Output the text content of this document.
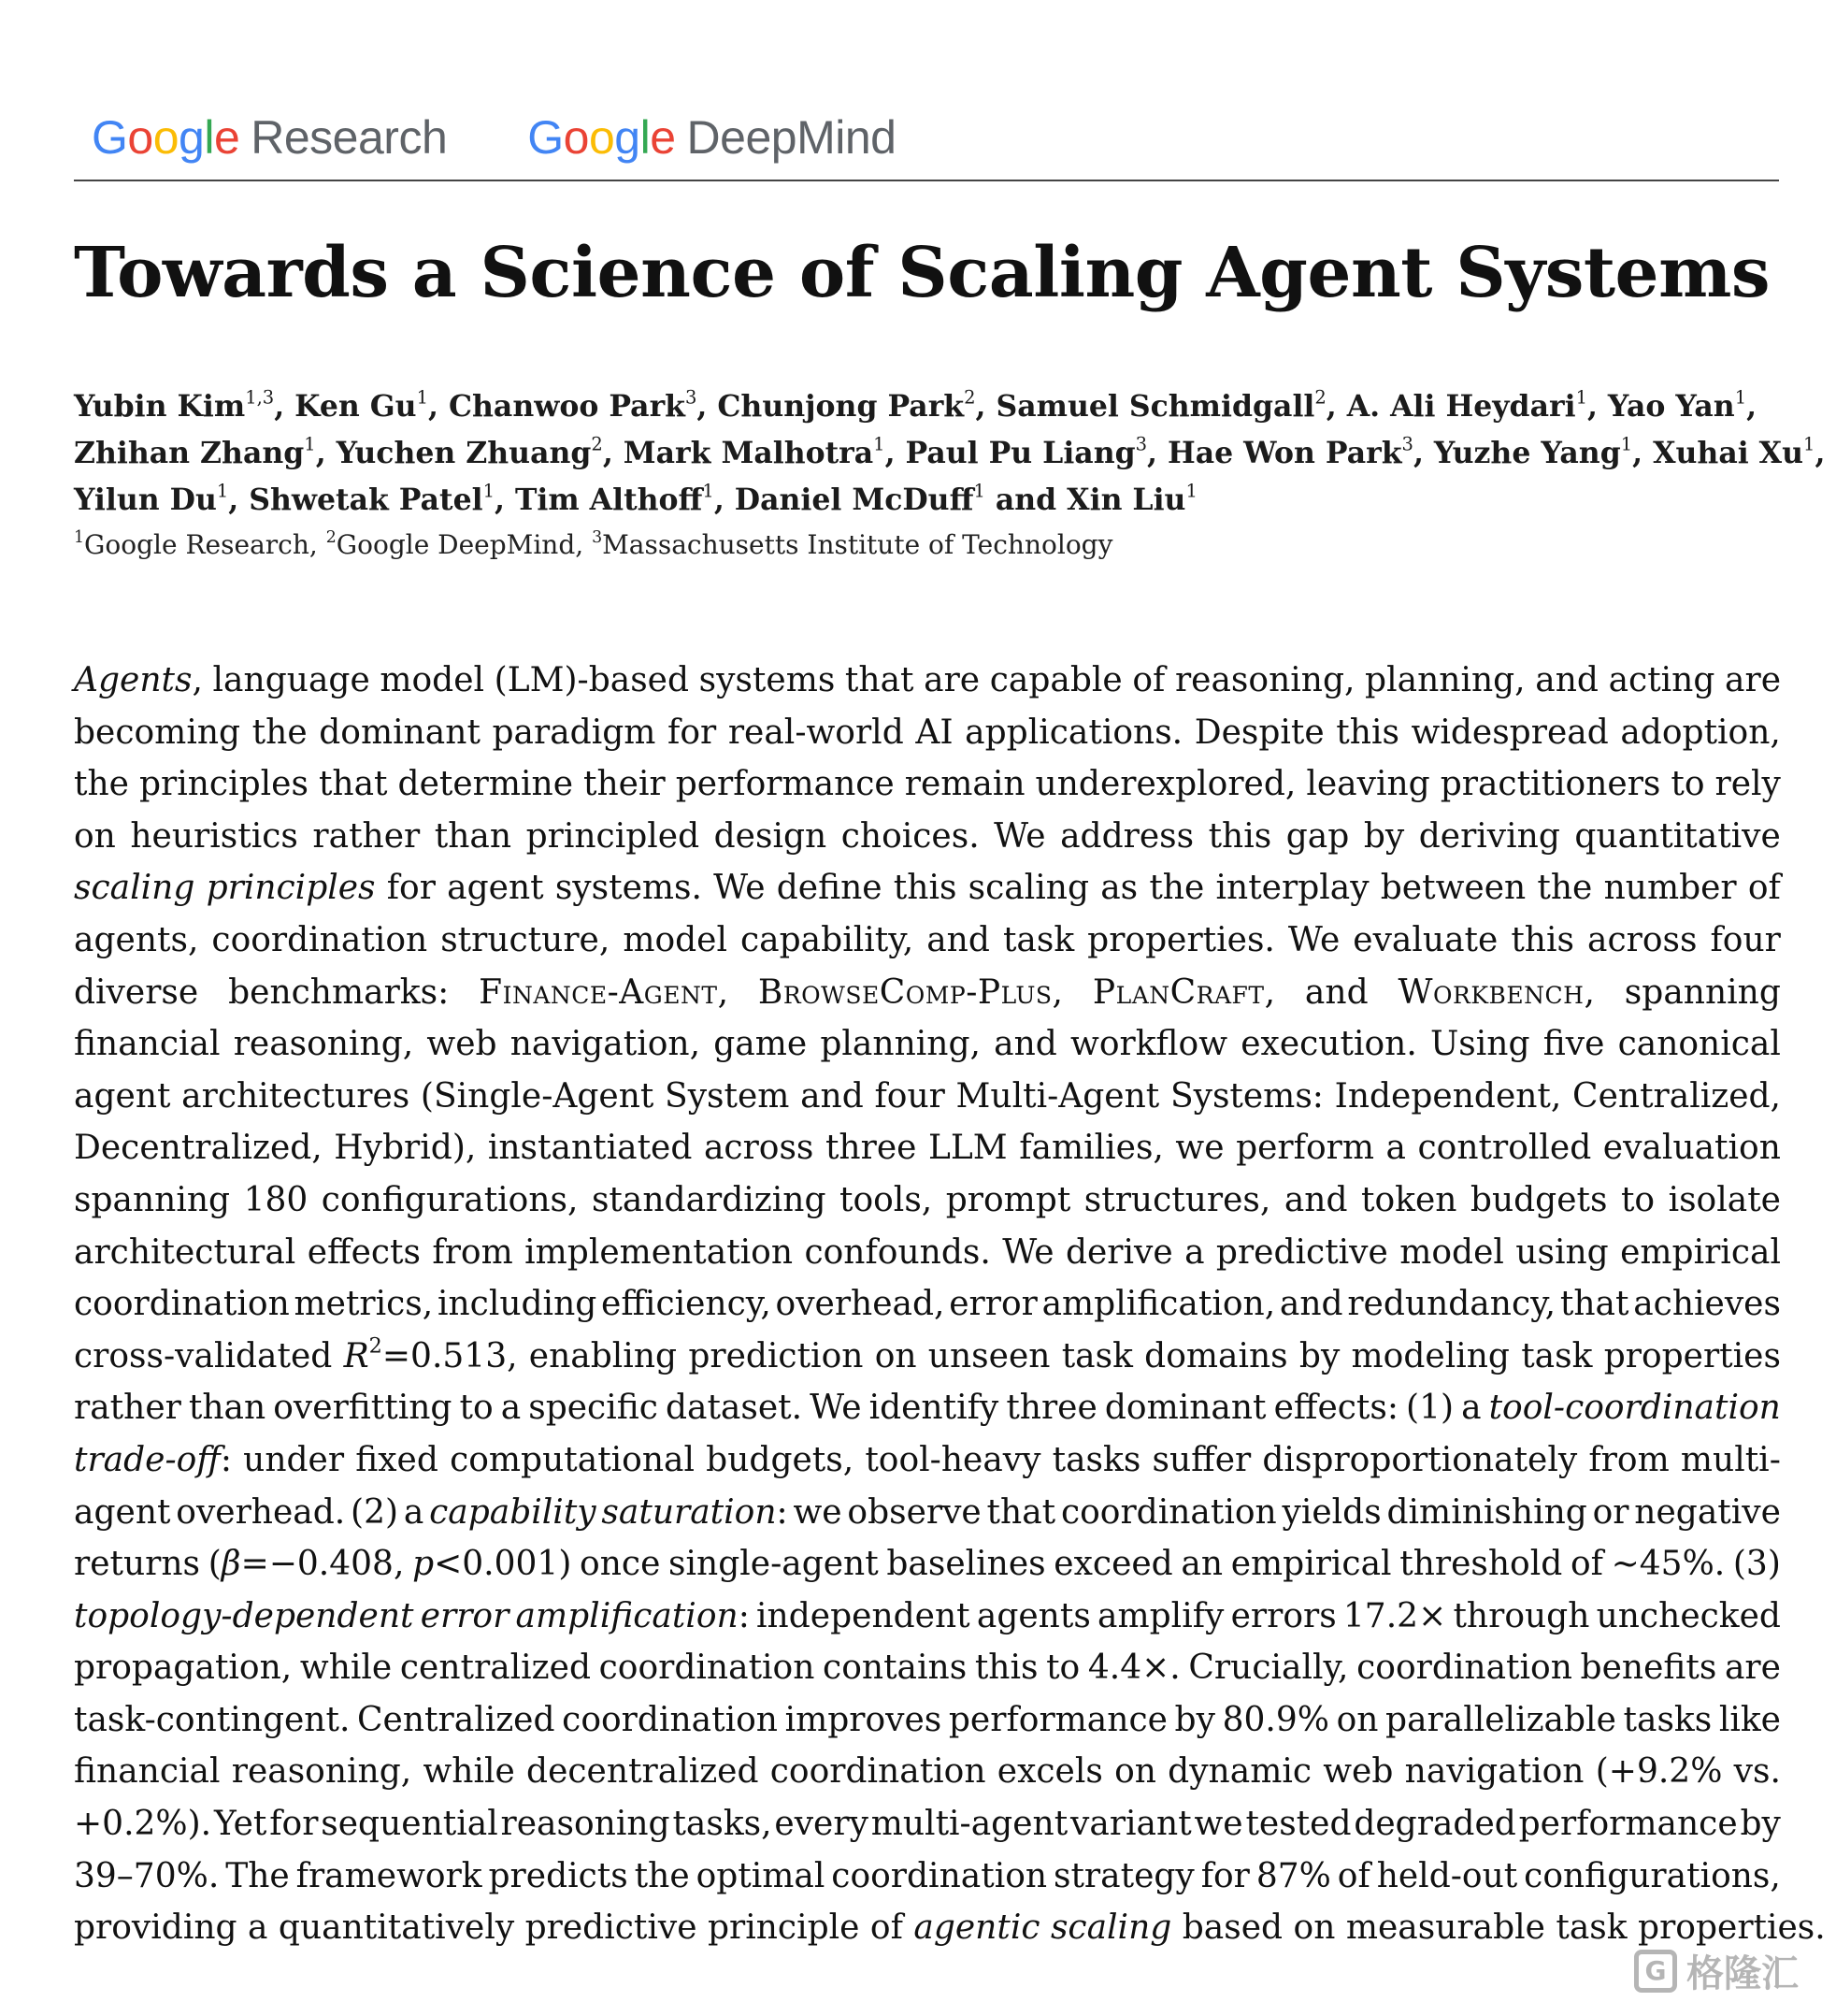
G o o g l e Research G o o g l e DeepMind
Towards a Science of Scaling Agent Systems
Yubin Kim$^{1,3}$, Ken Gu$^1$, Chanwoo Park$^3$, Chunjong Park$^2$, Samuel Schmidgall$^2$, A. Ali Heydari$^1$, Yao Yan$^1$,
Zhihan Zhang$^1$, Yuchen Zhuang$^2$, Mark Malhotra$^1$, Paul Pu Liang$^3$, Hae Won Park$^3$, Yuzhe Yang$^1$, Xuhai Xu$^1$,
Yilun Du$^1$, Shwetak Patel$^1$, Tim Althoff$^1$, Daniel McDuff$^1$ and Xin Liu$^1$
$^1$Google Research, $^2$Google DeepMind, $^3$Massachusetts Institute of Technology
Agents, language model (LM)-based systems that are capable of reasoning, planning, and acting are
becoming the dominant paradigm for real-world AI applications. Despite this widespread adoption,
the principles that determine their performance remain underexplored, leaving practitioners to rely
on heuristics rather than principled design choices. We address this gap by deriving quantitative
scaling principles for agent systems. We define this scaling as the interplay between the number of
agents, coordination structure, model capability, and task properties. We evaluate this across four
diverse benchmarks: Finance-Agent, BrowseComp-Plus, PlanCraft, and Workbench, spanning
financial reasoning, web navigation, game planning, and workflow execution. Using five canonical
agent architectures (Single-Agent System and four Multi-Agent Systems: Independent, Centralized,
Decentralized, Hybrid), instantiated across three LLM families, we perform a controlled evaluation
spanning 180 configurations, standardizing tools, prompt structures, and token budgets to isolate
architectural effects from implementation confounds. We derive a predictive model using empirical
coordination metrics, including efficiency, overhead, error amplification, and redundancy, that achieves
cross-validated $R^2=0.513$, enabling prediction on unseen task domains by modeling task properties
rather than overfitting to a specific dataset. We identify three dominant effects: (1) a tool-coordination
trade-off: under fixed computational budgets, tool-heavy tasks suffer disproportionately from multi-
agent overhead. (2) a capability saturation: we observe that coordination yields diminishing or negative
returns (β=−0.408, p<0.001) once single-agent baselines exceed an empirical threshold of ~45%. (3)
topology-dependent error amplification: independent agents amplify errors 17.2× through unchecked
propagation, while centralized coordination contains this to 4.4×. Crucially, coordination benefits are
task-contingent. Centralized coordination improves performance by 80.9% on parallelizable tasks like
financial reasoning, while decentralized coordination excels on dynamic web navigation (+9.2% vs.
+0.2%). Yet for sequential reasoning tasks, every multi-agent variant we tested degraded performance by
39–70%. The framework predicts the optimal coordination strategy for 87% of held-out configurations,
providing a quantitatively predictive principle of agentic scaling based on measurable task properties.
G 格隆汇
